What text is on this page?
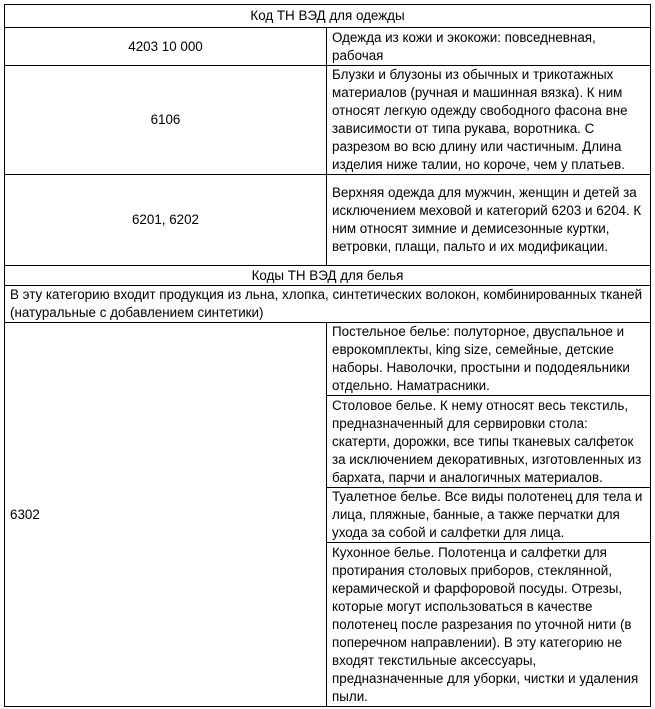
Код ТН ВЭД для одежды	
4203 10 000	Одежда из кожи и экокожи: повседневная, рабочая
6106	Блузки и блузоны из обычных и трикотажных материалов (ручная и машинная вязка). К ним относят легкую одежду свободного фасона вне зависимости от типа рукава, воротника. С разрезом во всю длину или частичным. Длина изделия ниже талии, но короче, чем у платьев.
6201, 6202	Верхняя одежда для мужчин, женщин и детей за исключением меховой и категорий 6203 и 6204. К ним относят зимние и демисезонные куртки, ветровки, плащи, пальто и их модификации.
Коды ТН ВЭД для белья	
В эту категорию входит продукция из льна, хлопка, синтетических волокон, комбинированных тканей (натуральные с добавлением синтетики)	
6302	Постельное белье: полуторное, двуспальное и еврокомплекты, king size, семейные, детские наборы. Наволочки, простыни и пододеяльники отдельно. Наматрасники.
	Столовое белье. К нему относят весь текстиль, предназначенный для сервировки стола: скатерти, дорожки, все типы тканевых салфеток за исключением декоративных, изготовленных из бархата, парчи и аналогичных материалов.
	Туалетное белье. Все виды полотенец для тела и лица, пляжные, банные, а также перчатки для ухода за собой и салфетки для лица.
	Кухонное белье. Полотенца и салфетки для протирания столовых приборов, стеклянной, керамической и фарфоровой посуды. Отрезы, которые могут использоваться в качестве полотенец после разрезания по уточной нити (в поперечном направлении). В эту категорию не входят текстильные аксессуары, предназначенные для уборки, чистки и удаления пыли.
